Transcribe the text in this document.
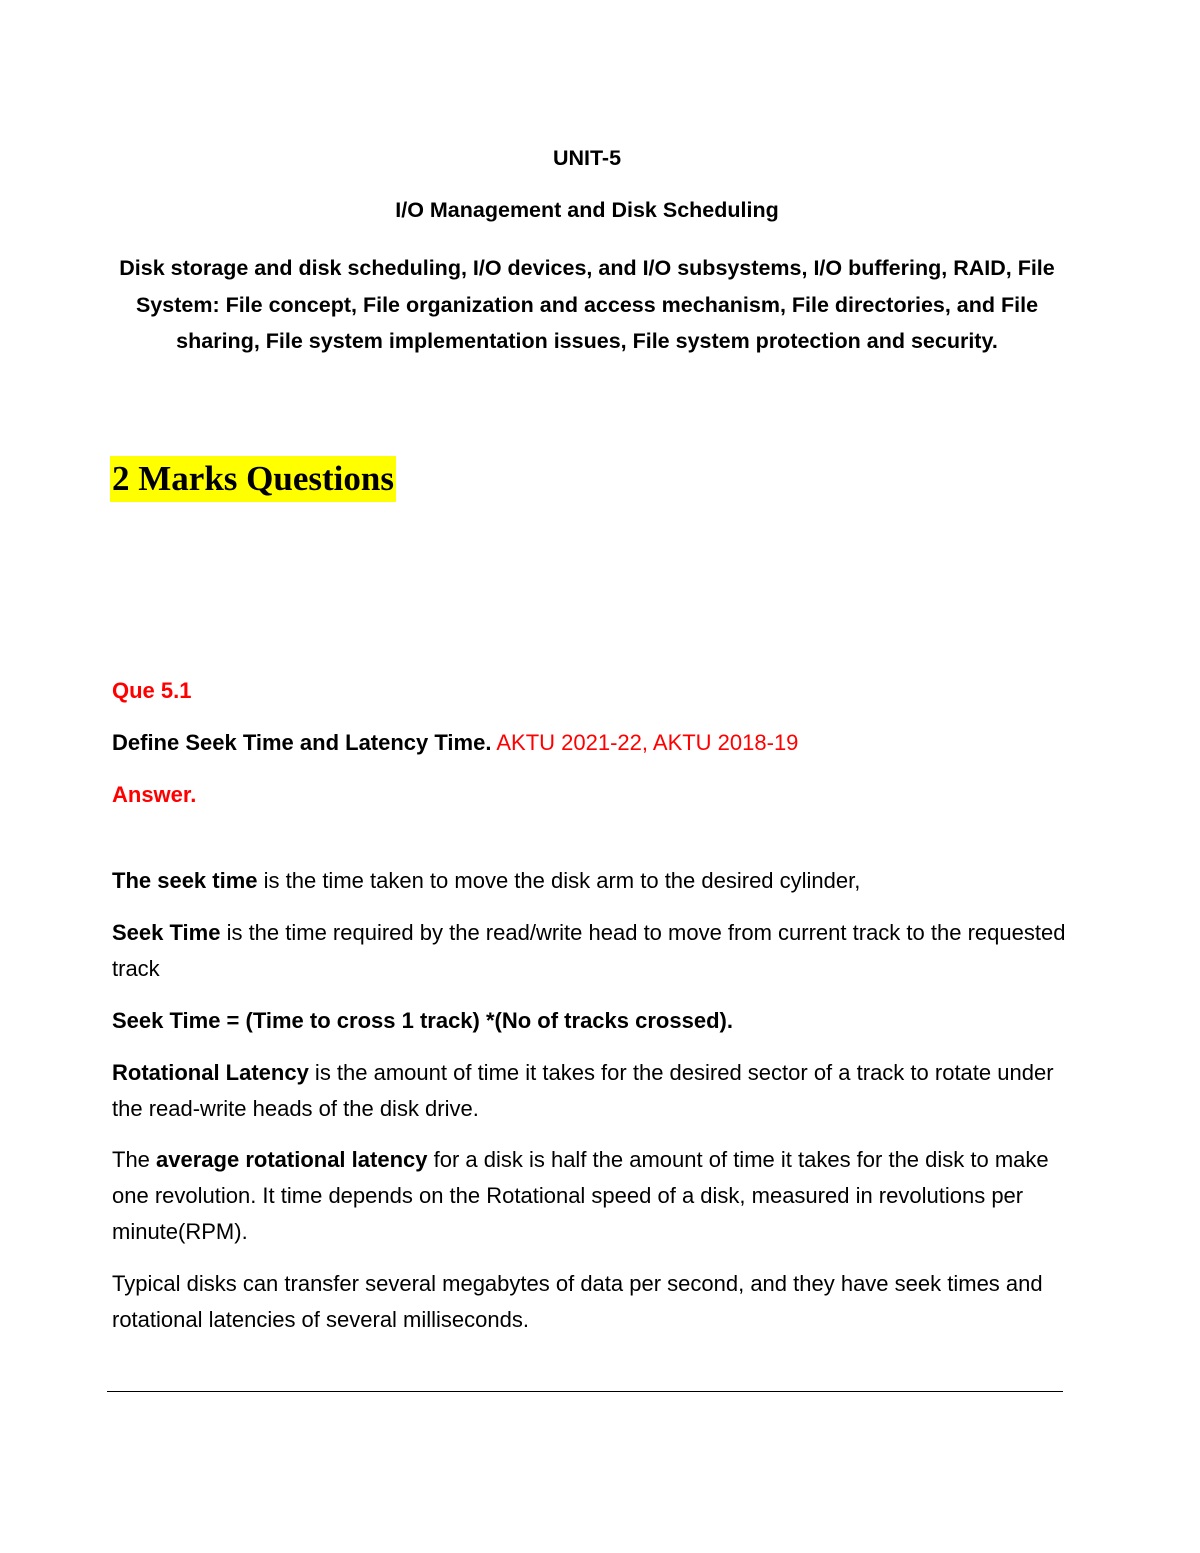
UNIT-5
I/O Management and Disk Scheduling
Disk storage and disk scheduling, I/O devices, and I/O subsystems, I/O buffering, RAID, File System: File concept, File organization and access mechanism, File directories, and File sharing, File system implementation issues, File system protection and security.
2 Marks Questions
Que 5.1
Define Seek Time and Latency Time. AKTU 2021-22, AKTU 2018-19
Answer.
The seek time is the time taken to move the disk arm to the desired cylinder,
Seek Time is the time required by the read/write head to move from current track to the requested track
Seek Time = (Time to cross 1 track) *(No of tracks crossed).
Rotational Latency is the amount of time it takes for the desired sector of a track to rotate under the read-write heads of the disk drive.
The average rotational latency for a disk is half the amount of time it takes for the disk to make one revolution. It time depends on the Rotational speed of a disk, measured in revolutions per minute(RPM).
Typical disks can transfer several megabytes of data per second, and they have seek times and rotational latencies of several milliseconds.
